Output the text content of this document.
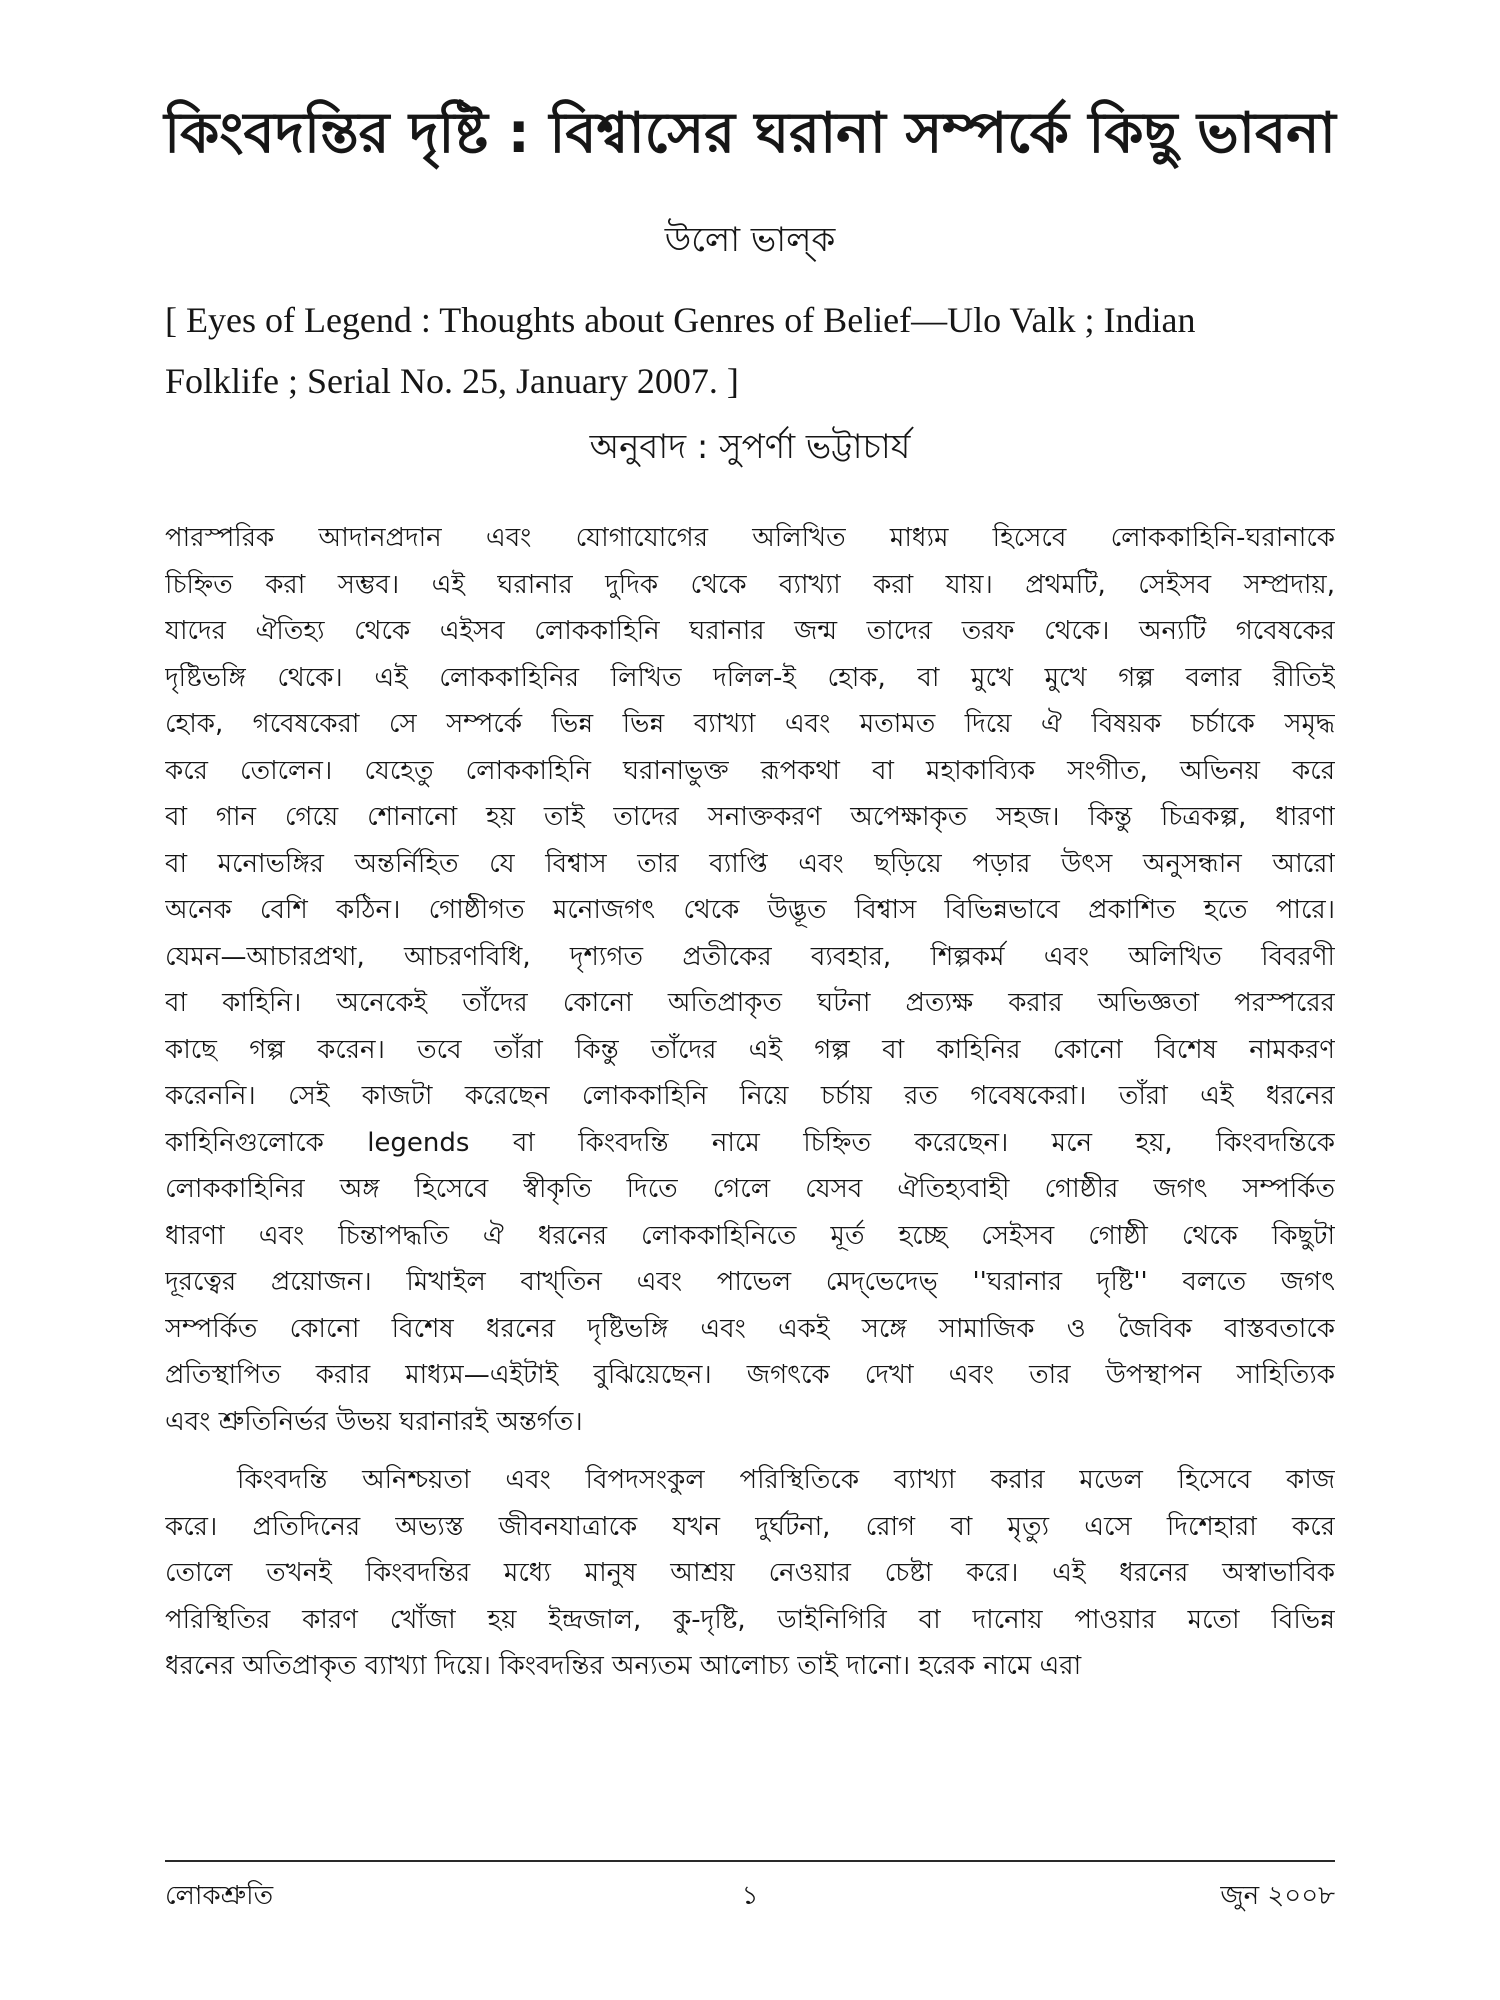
কিংবদন্তির দৃষ্টি : বিশ্বাসের ঘরানা সম্পর্কে কিছু ভাবনা
উলো ভাল্‌ক
[ Eyes of Legend : Thoughts about Genres of Belief—Ulo Valk ; Indian
Folklife ; Serial No. 25, January 2007. ]
অনুবাদ : সুপর্ণা ভট্টাচার্য
পারস্পরিক আদানপ্রদান এবং যোগাযোগের অলিখিত মাধ্যম হিসেবে লোককাহিনি-ঘরানাকে
চিহ্নিত করা সম্ভব। এই ঘরানার দুদিক থেকে ব্যাখ্যা করা যায়। প্রথমটি, সেইসব সম্প্রদায়,
যাদের ঐতিহ্য থেকে এইসব লোককাহিনি ঘরানার জন্ম তাদের তরফ থেকে। অন্যটি গবেষকের
দৃষ্টিভঙ্গি থেকে। এই লোককাহিনির লিখিত দলিল-ই হোক, বা মুখে মুখে গল্প বলার রীতিই
হোক, গবেষকেরা সে সম্পর্কে ভিন্ন ভিন্ন ব্যাখ্যা এবং মতামত দিয়ে ঐ বিষয়ক চর্চাকে সমৃদ্ধ
করে তোলেন। যেহেতু লোককাহিনি ঘরানাভুক্ত রূপকথা বা মহাকাব্যিক সংগীত, অভিনয় করে
বা গান গেয়ে শোনানো হয় তাই তাদের সনাক্তকরণ অপেক্ষাকৃত সহজ। কিন্তু চিত্রকল্প, ধারণা
বা মনোভঙ্গির অন্তর্নিহিত যে বিশ্বাস তার ব্যাপ্তি এবং ছড়িয়ে পড়ার উৎস অনুসন্ধান আরো
অনেক বেশি কঠিন। গোষ্ঠীগত মনোজগৎ থেকে উদ্ভূত বিশ্বাস বিভিন্নভাবে প্রকাশিত হতে পারে।
যেমন—আচারপ্রথা, আচরণবিধি, দৃশ্যগত প্রতীকের ব্যবহার, শিল্পকর্ম এবং অলিখিত বিবরণী
বা কাহিনি। অনেকেই তাঁদের কোনো অতিপ্রাকৃত ঘটনা প্রত্যক্ষ করার অভিজ্ঞতা পরস্পরের
কাছে গল্প করেন। তবে তাঁরা কিন্তু তাঁদের এই গল্প বা কাহিনির কোনো বিশেষ নামকরণ
করেননি। সেই কাজটা করেছেন লোককাহিনি নিয়ে চর্চায় রত গবেষকেরা। তাঁরা এই ধরনের
কাহিনিগুলোকে legends বা কিংবদন্তি নামে চিহ্নিত করেছেন। মনে হয়, কিংবদন্তিকে
লোককাহিনির অঙ্গ হিসেবে স্বীকৃতি দিতে গেলে যেসব ঐতিহ্যবাহী গোষ্ঠীর জগৎ সম্পর্কিত
ধারণা এবং চিন্তাপদ্ধতি ঐ ধরনের লোককাহিনিতে মূর্ত হচ্ছে সেইসব গোষ্ঠী থেকে কিছুটা
দূরত্বের প্রয়োজন। মিখাইল বাখ্‌তিন এবং পাভেল মেদ্‌ভেদেভ্‌ ''ঘরানার দৃষ্টি'' বলতে জগৎ
সম্পর্কিত কোনো বিশেষ ধরনের দৃষ্টিভঙ্গি এবং একই সঙ্গে সামাজিক ও জৈবিক বাস্তবতাকে
প্রতিস্থাপিত করার মাধ্যম—এইটাই বুঝিয়েছেন। জগৎকে দেখা এবং তার উপস্থাপন সাহিত্যিক
এবং শ্রুতিনির্ভর উভয় ঘরানারই অন্তর্গত।
কিংবদন্তি অনিশ্চয়তা এবং বিপদসংকুল পরিস্থিতিকে ব্যাখ্যা করার মডেল হিসেবে কাজ
করে। প্রতিদিনের অভ্যস্ত জীবনযাত্রাকে যখন দুর্ঘটনা, রোগ বা মৃত্যু এসে দিশেহারা করে
তোলে তখনই কিংবদন্তির মধ্যে মানুষ আশ্রয় নেওয়ার চেষ্টা করে। এই ধরনের অস্বাভাবিক
পরিস্থিতির কারণ খোঁজা হয় ইন্দ্রজাল, কু-দৃষ্টি, ডাইনিগিরি বা দানোয় পাওয়ার মতো বিভিন্ন
ধরনের অতিপ্রাকৃত ব্যাখ্যা দিয়ে। কিংবদন্তির অন্যতম আলোচ্য তাই দানো। হরেক নামে এরা
লোকশ্রুতি	১	জুন ২০০৮
